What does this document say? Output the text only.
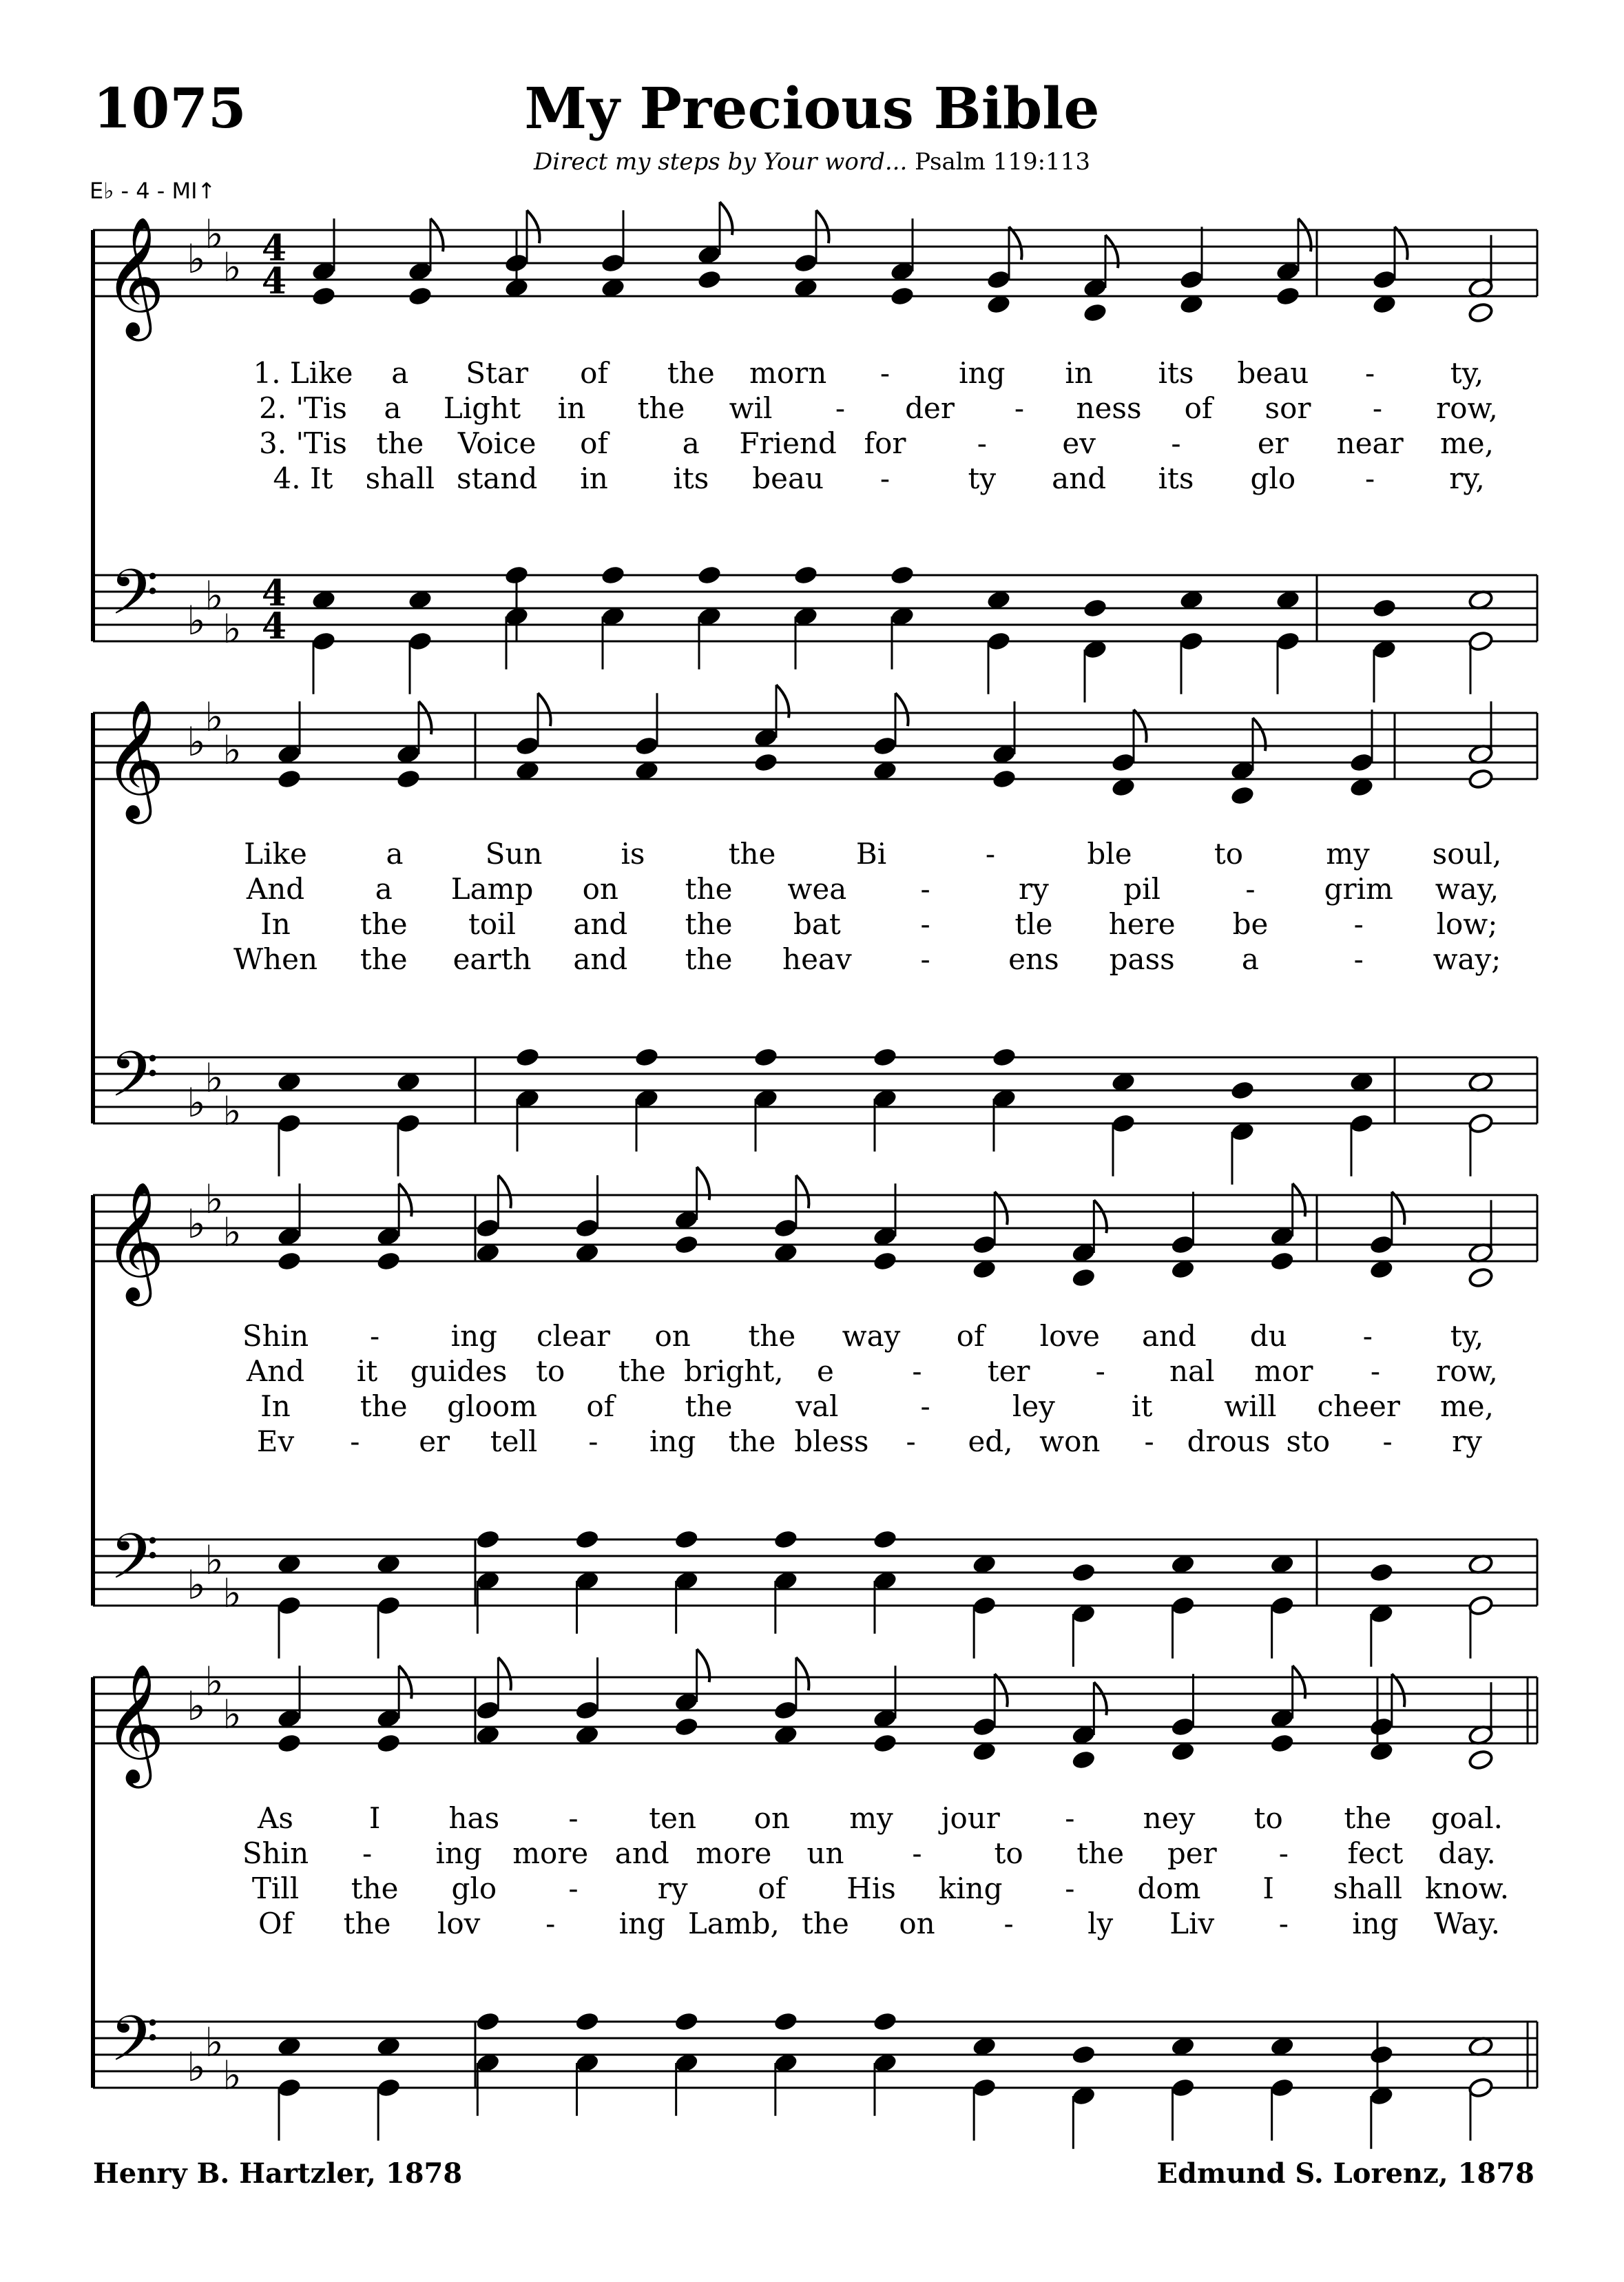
1075	My Precious Bible
Direct my steps by Your word... Psalm 119:113
E♭ - 4 - MI↑
𝄞 ♭
♭
♭
𝄢 ♭
♭
♭
4
4
4
4
𝄞 ♭
♭
♭
𝄢 ♭
♭
♭
𝄞 ♭
♭
♭
𝄢 ♭
♭
♭
𝄞 ♭
♭
♭
𝄢 ♭
♭
♭
1. Like a Star of the morn - ing in its beau -	ty,
2. 'Tis a Light in the wil - der - ness of sor - row,
3. 'Tis the Voice of	a Friend for -	ev	-	er near me,
4. It shall stand in its beau -	ty and its glo -	ry,
Like	a	Sun	is	the	Bi	-	ble	to	my soul,
And a Lamp on the wea	-	ry	pil	- grim way,
In the toil and the bat	-	tle here be	-	low;
When the earth and the heav -	ens pass a	- way;
Shin - ing clear on the way of love and du	-	ty,
And it guides to the bright, e	- ter - nal mor - row,
In the gloom of the val	-	ley	it will cheer me,
Ev - er tell - ing the bless - ed, won - drous sto - ry
As	I has - ten on my jour - ney to the goal.
Shin - ing more and more un - to the per - fect day.
Till the glo -	ry of His king - dom I shall know.
Of the lov - ing Lamb, the on -	ly Liv - ing Way.
Henry B. Hartzler, 1878	Edmund S. Lorenz, 1878
